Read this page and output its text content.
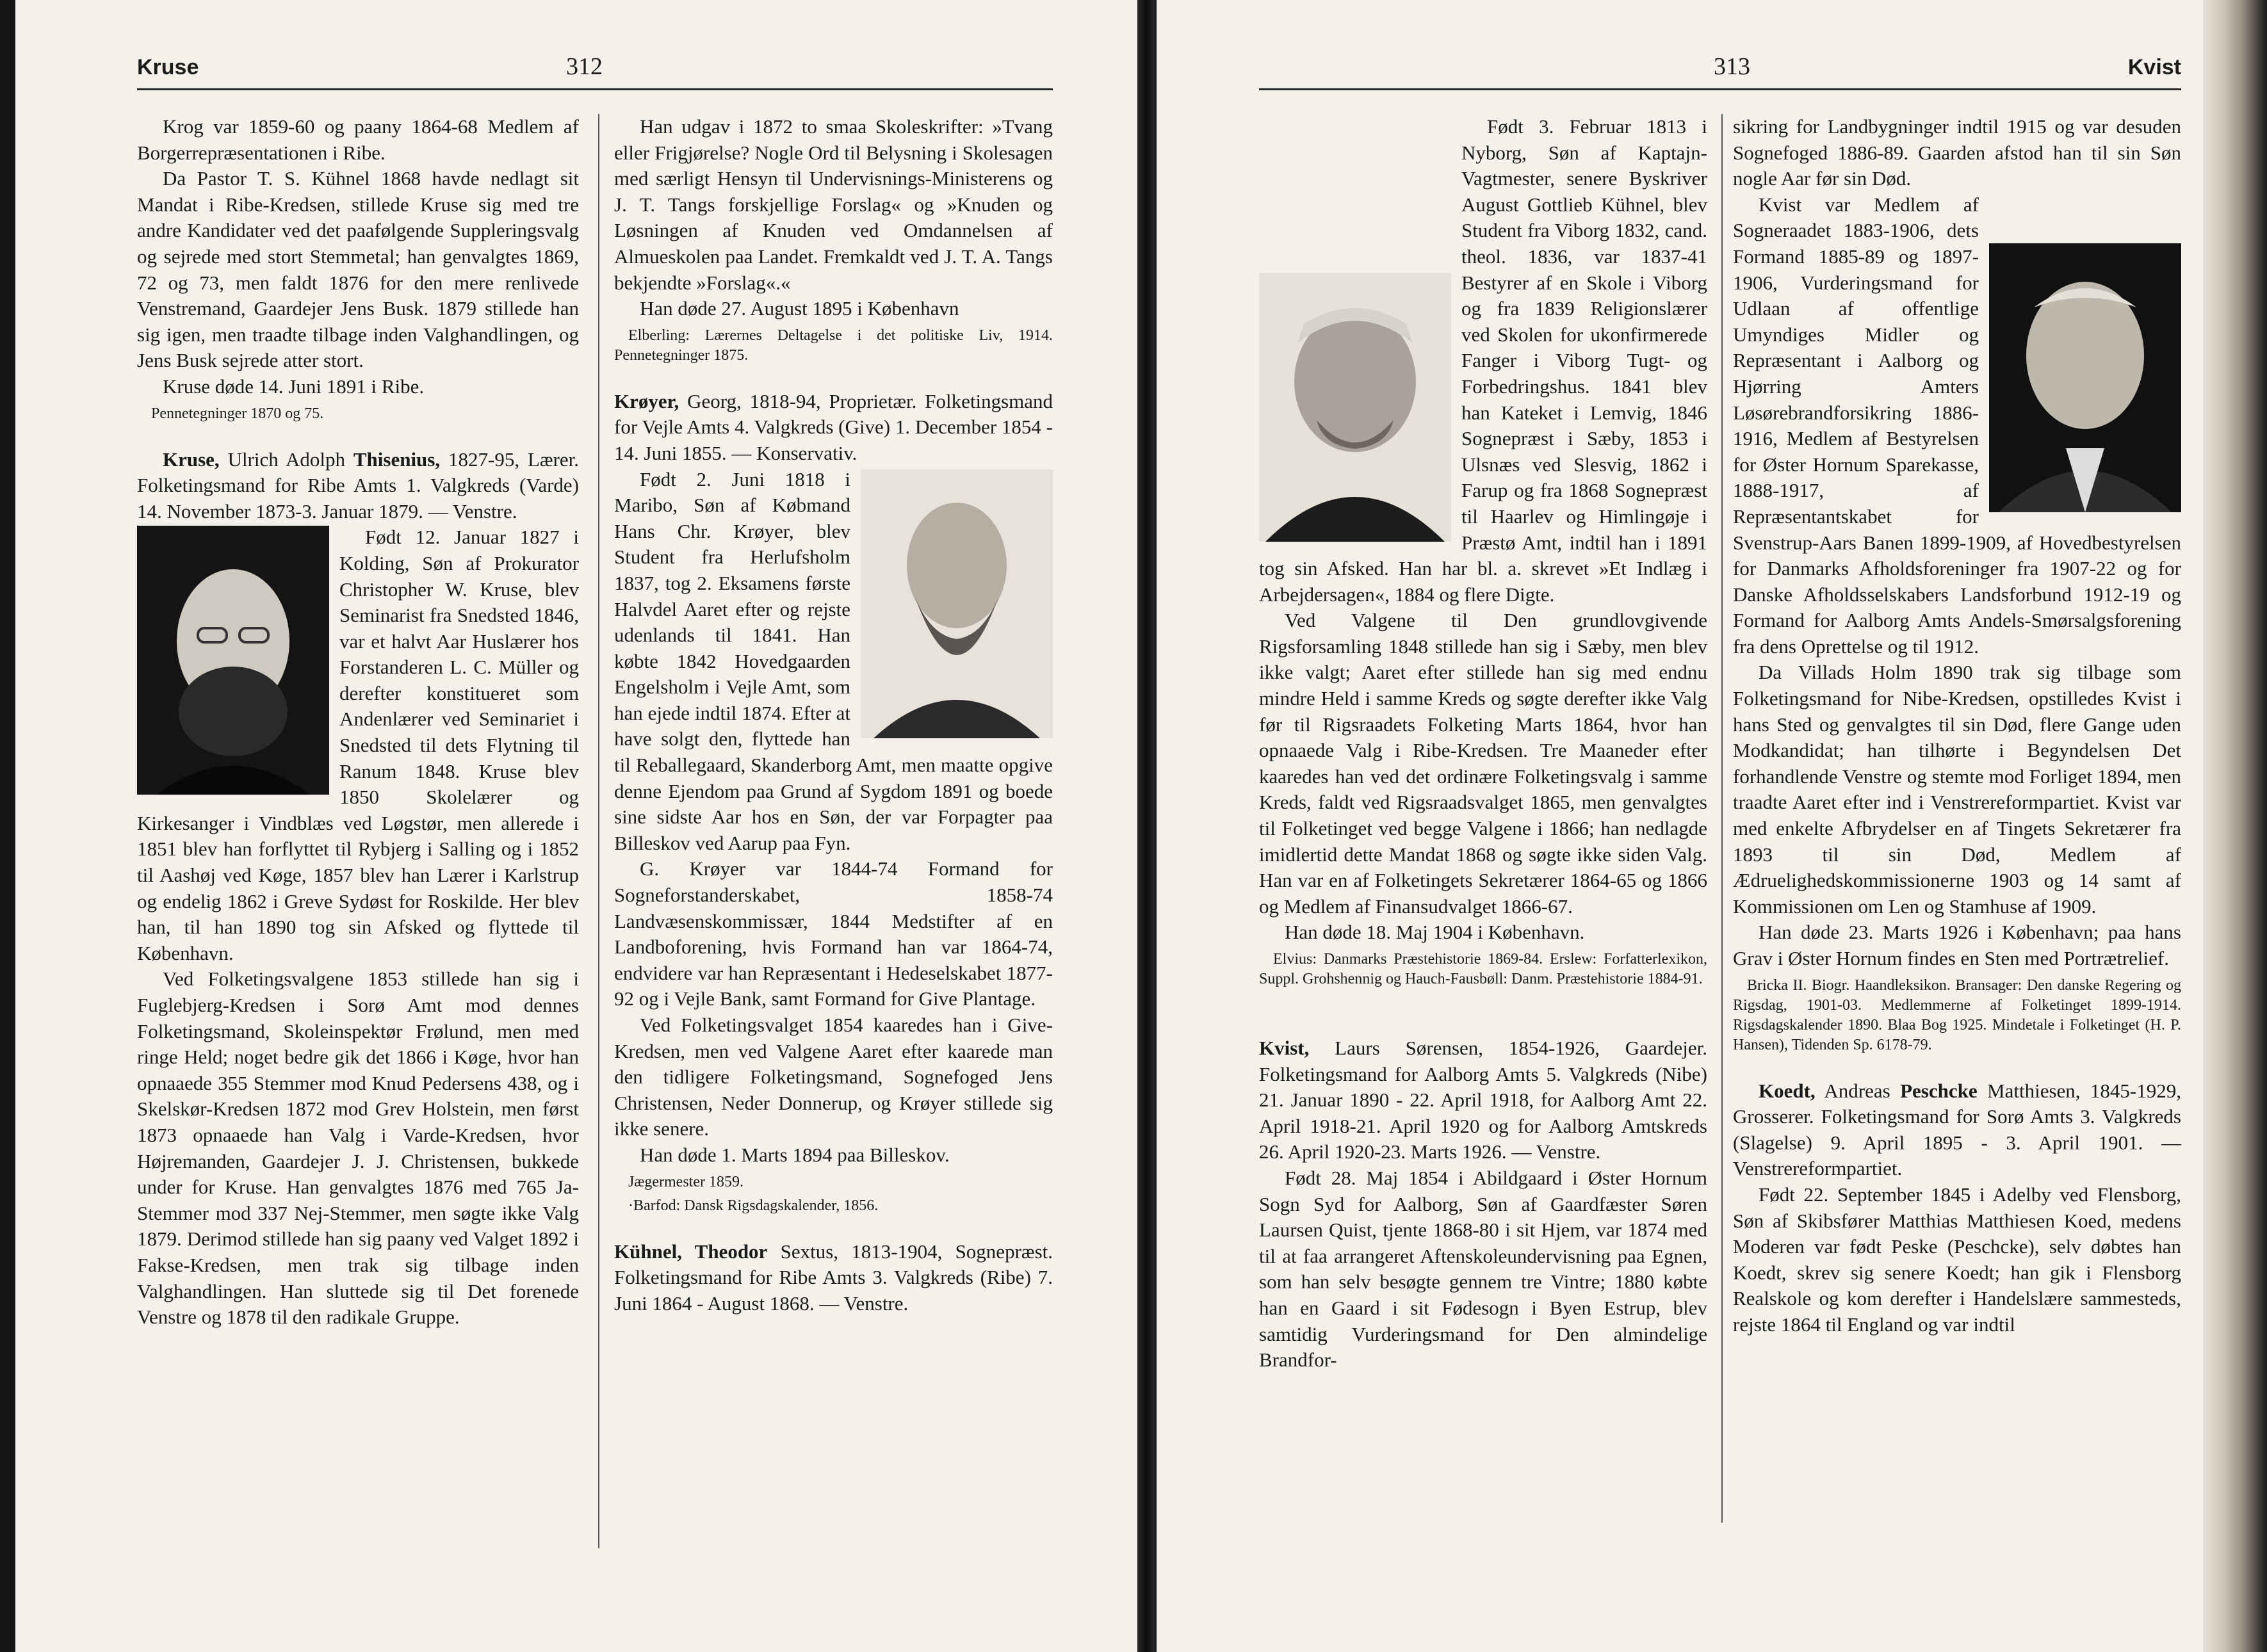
Kruse	312

Krog var 1859-60 og paany 1864-68 Medlem af Borgerrepræsentationen i Ribe.

Da Pastor T. S. Kühnel 1868 havde nedlagt sit Mandat i Ribe-Kredsen, stillede Kruse sig med tre andre Kandidater ved det paafølgende Suppleringsvalg og sejrede med stort Stemmetal; han genvalgtes 1869, 72 og 73, men faldt 1876 for den mere renlivede Venstremand, Gaardejer Jens Busk. 1879 stillede han sig igen, men traadte tilbage inden Valghandlingen, og Jens Busk sejrede atter stort.

Kruse døde 14. Juni 1891 i Ribe.

Pennetegninger 1870 og 75.

Kruse, Ulrich Adolph Thisenius, 1827-95, Lærer. Folketingsmand for Ribe Amts 1. Valgkreds (Varde) 14. November 1873-3. Januar 1879. — Venstre.

Født 12. Januar 1827 i Kolding, Søn af Prokurator Christopher W. Kruse, blev Seminarist fra Snedsted 1846, var et halvt Aar Huslærer hos Forstanderen L. C. Müller og derefter konstitueret som Andenlærer ved Seminariet i Snedsted til dets Flytning til Ranum 1848. Kruse blev 1850 Skolelærer og Kirkesanger i Vindblæs ved Løgstør, men allerede i 1851 blev han forflyttet til Rybjerg i Salling og i 1852 til Aashøj ved Køge, 1857 blev han Lærer i Karlstrup og endelig 1862 i Greve Sydøst for Roskilde. Her blev han, til han 1890 tog sin Afsked og flyttede til København.

Ved Folketingsvalgene 1853 stillede han sig i Fuglebjerg-Kredsen i Sorø Amt mod dennes Folketingsmand, Skoleinspektør Frølund, men med ringe Held; noget bedre gik det 1866 i Køge, hvor han opnaaede 355 Stemmer mod Knud Pedersens 438, og i Skelskør-Kredsen 1872 mod Grev Holstein, men først 1873 opnaaede han Valg i Varde-Kredsen, hvor Højremanden, Gaardejer J. J. Christensen, bukkede under for Kruse. Han genvalgtes 1876 med 765 Ja-Stemmer mod 337 Nej-Stemmer, men søgte ikke Valg 1879. Derimod stillede han sig paany ved Valget 1892 i Fakse-Kredsen, men trak sig tilbage inden Valghandlingen. Han sluttede sig til Det forenede Venstre og 1878 til den radikale Gruppe.

Han udgav i 1872 to smaa Skoleskrifter: »Tvang eller Frigjørelse? Nogle Ord til Belysning i Skolesagen med særligt Hensyn til Undervisnings-Ministerens og J. T. Tangs forskjellige Forslag« og »Knuden og Løsningen af Knuden ved Omdannelsen af Almueskolen paa Landet. Fremkaldt ved J. T. A. Tangs bekjendte »Forslag«.«

Han døde 27. August 1895 i København

Elberling: Lærernes Deltagelse i det politiske Liv, 1914. Pennetegninger 1875.

Krøyer, Georg, 1818-94, Proprietær. Folketingsmand for Vejle Amts 4. Valgkreds (Give) 1. December 1854 - 14. Juni 1855. — Konservativ.

Født 2. Juni 1818 i Maribo, Søn af Købmand Hans Chr. Krøyer, blev Student fra Herlufsholm 1837, tog 2. Eksamens første Halvdel Aaret efter og rejste udenlands til 1841. Han købte 1842 Hovedgaarden Engelsholm i Vejle Amt, som han ejede indtil 1874. Efter at have solgt den, flyttede han til Reballegaard, Skanderborg Amt, men maatte opgive denne Ejendom paa Grund af Sygdom 1891 og boede sine sidste Aar hos en Søn, der var Forpagter paa Billeskov ved Aarup paa Fyn.

G. Krøyer var 1844-74 Formand for Sogneforstanderskabet, 1858-74 Landvæsenskommissær, 1844 Medstifter af en Landboforening, hvis Formand han var 1864-74, endvidere var han Repræsentant i Hedeselskabet 1877-92 og i Vejle Bank, samt Formand for Give Plantage.

Ved Folketingsvalget 1854 kaaredes han i Give-Kredsen, men ved Valgene Aaret efter kaarede man den tidligere Folketingsmand, Sognefoged Jens Christensen, Neder Donnerup, og Krøyer stillede sig ikke senere.

Han døde 1. Marts 1894 paa Billeskov.

Jægermester 1859.

·Barfod: Dansk Rigsdagskalender, 1856.

Kühnel, Theodor Sextus, 1813-1904, Sognepræst. Folketingsmand for Ribe Amts 3. Valgkreds (Ribe) 7. Juni 1864 - August 1868. — Venstre.

313	Kvist

Født 3. Februar 1813 i Nyborg, Søn af Kaptajn-Vagtmester, senere Byskriver August Gottlieb Kühnel, blev Student fra Viborg 1832, cand. theol. 1836, var 1837-41 Bestyrer af en Skole i Viborg og fra 1839 Religionslærer ved Skolen for ukonfirmerede Fanger i Viborg Tugt- og Forbedringshus. 1841 blev han Kateket i Lemvig, 1846 Sognepræst i Sæby, 1853 i Ulsnæs ved Slesvig, 1862 i Farup og fra 1868 Sognepræst til Haarlev og Himlingøje i Præstø Amt, indtil han i 1891 tog sin Afsked. Han har bl. a. skrevet »Et Indlæg i Arbejdersagen«, 1884 og flere Digte.

Ved Valgene til Den grundlovgivende Rigsforsamling 1848 stillede han sig i Sæby, men blev ikke valgt; Aaret efter stillede han sig med endnu mindre Held i samme Kreds og søgte derefter ikke Valg før til Rigsraadets Folketing Marts 1864, hvor han opnaaede Valg i Ribe-Kredsen. Tre Maaneder efter kaaredes han ved det ordinære Folketingsvalg i samme Kreds, faldt ved Rigsraadsvalget 1865, men genvalgtes til Folketinget ved begge Valgene i 1866; han nedlagde imidlertid dette Mandat 1868 og søgte ikke siden Valg. Han var en af Folketingets Sekretærer 1864-65 og 1866 og Medlem af Finansudvalget 1866-67.

Han døde 18. Maj 1904 i København.

Elvius: Danmarks Præstehistorie 1869-84. Erslew: Forfatterlexikon, Suppl. Grohshennig og Hauch-Fausbøll: Danm. Præstehistorie 1884-91.

Kvist, Laurs Sørensen, 1854-1926, Gaardejer. Folketingsmand for Aalborg Amts 5. Valgkreds (Nibe) 21. Januar 1890 - 22. April 1918, for Aalborg Amt 22. April 1918-21. April 1920 og for Aalborg Amtskreds 26. April 1920-23. Marts 1926. — Venstre.

Født 28. Maj 1854 i Abildgaard i Øster Hornum Sogn Syd for Aalborg, Søn af Gaardfæster Søren Laursen Quist, tjente 1868-80 i sit Hjem, var 1874 med til at faa arrangeret Aftenskoleundervisning paa Egnen, som han selv besøgte gennem tre Vintre; 1880 købte han en Gaard i sit Fødesogn i Byen Estrup, blev samtidig Vurderingsmand for Den almindelige Brandfor-

sikring for Landbygninger indtil 1915 og var desuden Sognefoged 1886-89. Gaarden afstod han til sin Søn nogle Aar før sin Død.

Kvist var Medlem af Sogneraadet 1883-1906, dets Formand 1885-89 og 1897-1906, Vurderingsmand for Udlaan af offentlige Umyndiges Midler og Repræsentant i Aalborg og Hjørring Amters Løsørebrandforsikring 1886-1916, Medlem af Bestyrelsen for Øster Hornum Sparekasse, 1888-1917, af Repræsentantskabet for Svenstrup-Aars Banen 1899-1909, af Hovedbestyrelsen for Danmarks Afholdsforeninger fra 1907-22 og for Danske Afholdsselskabers Landsforbund 1912-19 og Formand for Aalborg Amts Andels-Smørsalgsforening fra dens Oprettelse og til 1912.

Da Villads Holm 1890 trak sig tilbage som Folketingsmand for Nibe-Kredsen, opstilledes Kvist i hans Sted og genvalgtes til sin Død, flere Gange uden Modkandidat; han tilhørte i Begyndelsen Det forhandlende Venstre og stemte mod Forliget 1894, men traadte Aaret efter ind i Venstrereformpartiet. Kvist var med enkelte Afbrydelser en af Tingets Sekretærer fra 1893 til sin Død, Medlem af Ædruelighedskommissionerne 1903 og 14 samt af Kommissionen om Len og Stamhuse af 1909.

Han døde 23. Marts 1926 i København; paa hans Grav i Øster Hornum findes en Sten med Portrætrelief.

Bricka II. Biogr. Haandleksikon. Bransager: Den danske Regering og Rigsdag, 1901-03. Medlemmerne af Folketinget 1899-1914. Rigsdagskalender 1890. Blaa Bog 1925. Mindetale i Folketinget (H. P. Hansen), Tidenden Sp. 6178-79.

Koedt, Andreas Peschcke Matthiesen, 1845-1929, Grosserer. Folketingsmand for Sorø Amts 3. Valgkreds (Slagelse) 9. April 1895 - 3. April 1901. — Venstrereformpartiet.

Født 22. September 1845 i Adelby ved Flensborg, Søn af Skibsfører Matthias Matthiesen Koed, medens Moderen var født Peske (Peschcke), selv døbtes han Koedt, skrev sig senere Koedt; han gik i Flensborg Realskole og kom derefter i Handelslære sammesteds, rejste 1864 til England og var indtil
